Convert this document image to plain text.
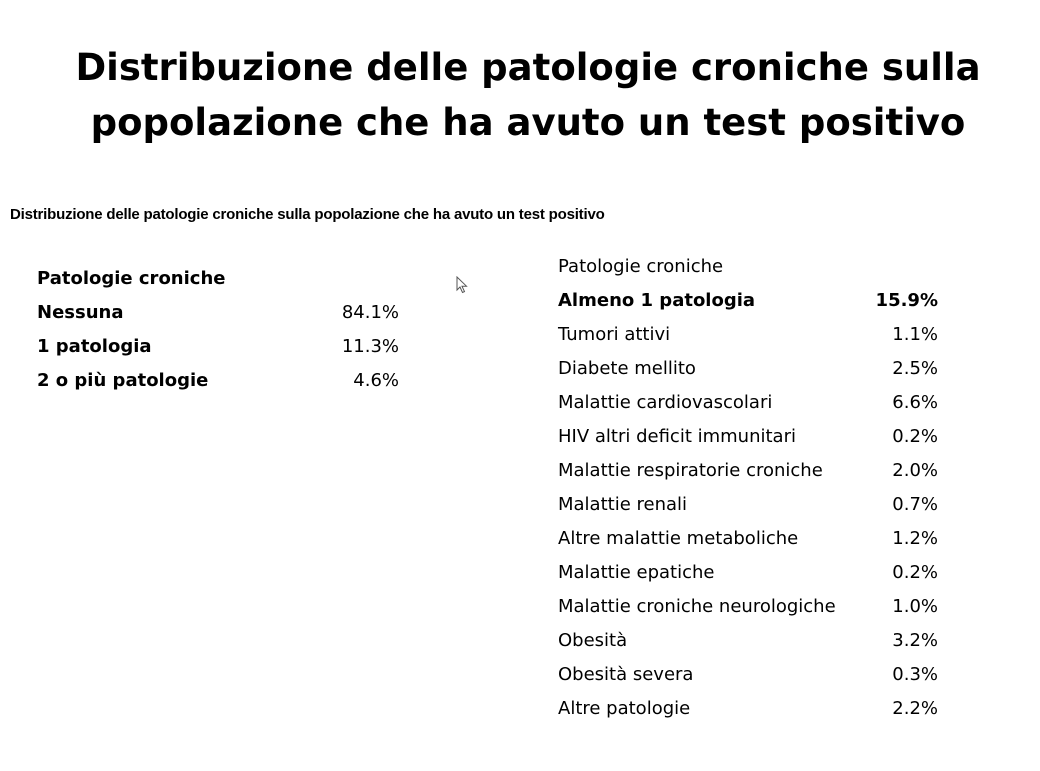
Distribuzione delle patologie croniche sulla
popolazione che ha avuto un test positivo
Distribuzione delle patologie croniche sulla popolazione che ha avuto un test positivo
Patologie croniche
Nessuna	84.1%
1 patologia	11.3%
2 o più patologie	4.6%
Patologie croniche
Almeno 1 patologia	15.9%
Tumori attivi	1.1%
Diabete mellito	2.5%
Malattie cardiovascolari	6.6%
HIV altri deficit immunitari	0.2%
Malattie respiratorie croniche	2.0%
Malattie renali	0.7%
Altre malattie metaboliche	1.2%
Malattie epatiche	0.2%
Malattie croniche neurologiche	1.0%
Obesità	3.2%
Obesità severa	0.3%
Altre patologie	2.2%
